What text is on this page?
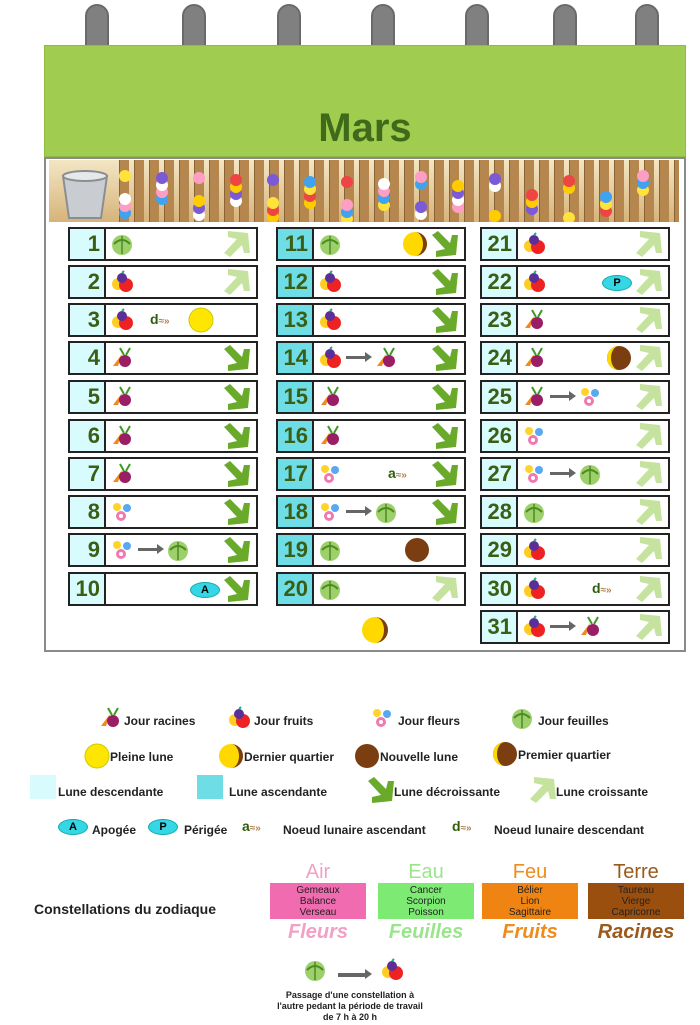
Mars
1
2
3	d≈»
4
5
6
7
8
9
10	A
11
12
13
14
15
16
17	a≈»
18
19
20
21
22	P
23
24
25
26
27
28
29
30	d≈»
31
Jour racines	Jour fruits	Jour fleurs	Jour feuilles
Pleine lune	Dernier quartier	Nouvelle lune	Premier quartier
Lune descendante	Lune ascendante	Lune décroissante	Lune croissante
A	Apogée	P	Périgée a≈» Noeud lunaire ascendant d≈» Noeud lunaire descendant
Constellations du zodiaque
Air
Gemeaux
Balance
Verseau
Fleurs
Eau
Cancer
Scorpion
Poisson
Feuilles
Feu
Bélier
Lion
Sagittaire
Fruits
Terre
Taureau
Vierge
Capricorne
Racines
Passage d'une constellation à
l'autre pedant la période de travail
de 7 h à 20 h
